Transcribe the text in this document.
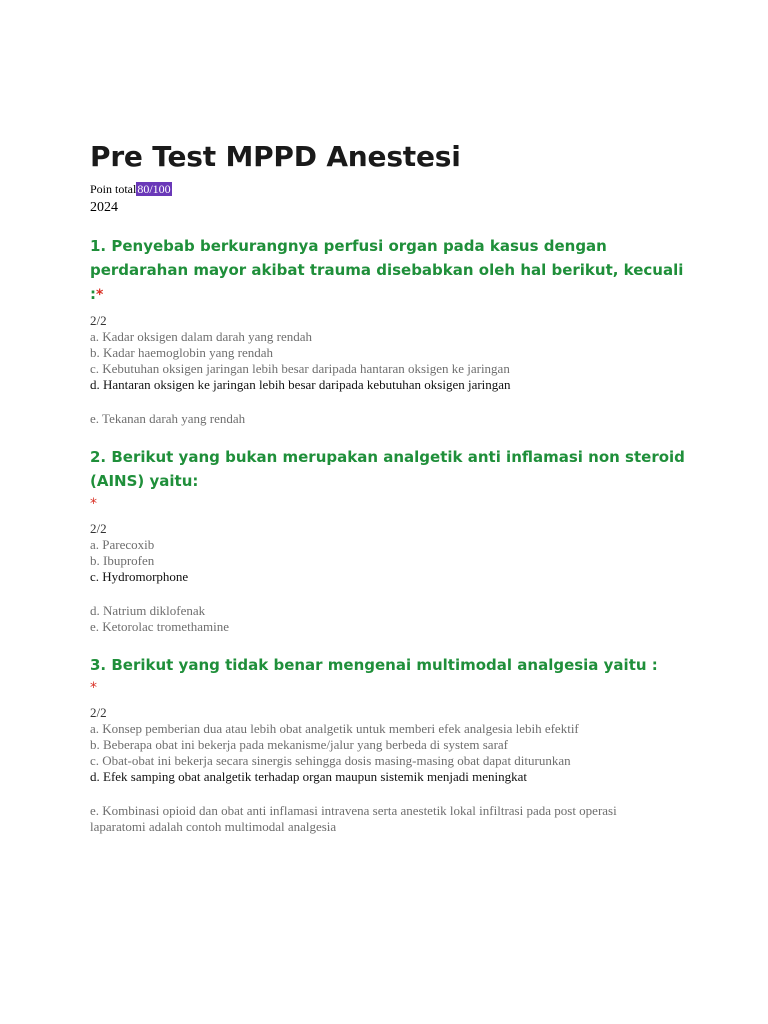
Pre Test MPPD Anestesi
Poin total80/100
2024

1. Penyebab berkurangnya perfusi organ pada kasus dengan perdarahan mayor akibat trauma disebabkan oleh hal berikut, kecuali :*

2/2

a. Kadar oksigen dalam darah yang rendah

b. Kadar haemoglobin yang rendah

c. Kebutuhan oksigen jaringan lebih besar daripada hantaran oksigen ke jaringan

d. Hantaran oksigen ke jaringan lebih besar daripada kebutuhan oksigen jaringan

e. Tekanan darah yang rendah

2. Berikut yang bukan merupakan analgetik anti inflamasi non steroid (AINS) yaitu:

*
2/2

a. Parecoxib

b. Ibuprofen

c. Hydromorphone

d. Natrium diklofenak

e. Ketorolac tromethamine

3. Berikut yang tidak benar mengenai multimodal analgesia yaitu :

*
2/2

a. Konsep pemberian dua atau lebih obat analgetik untuk memberi efek analgesia lebih efektif

b. Beberapa obat ini bekerja pada mekanisme/jalur yang berbeda di system saraf

c. Obat-obat ini bekerja secara sinergis sehingga dosis masing-masing obat dapat diturunkan

d. Efek samping obat analgetik terhadap organ maupun sistemik menjadi meningkat

e. Kombinasi opioid dan obat anti inflamasi intravena serta anestetik lokal infiltrasi pada post operasi laparatomi adalah contoh multimodal analgesia
